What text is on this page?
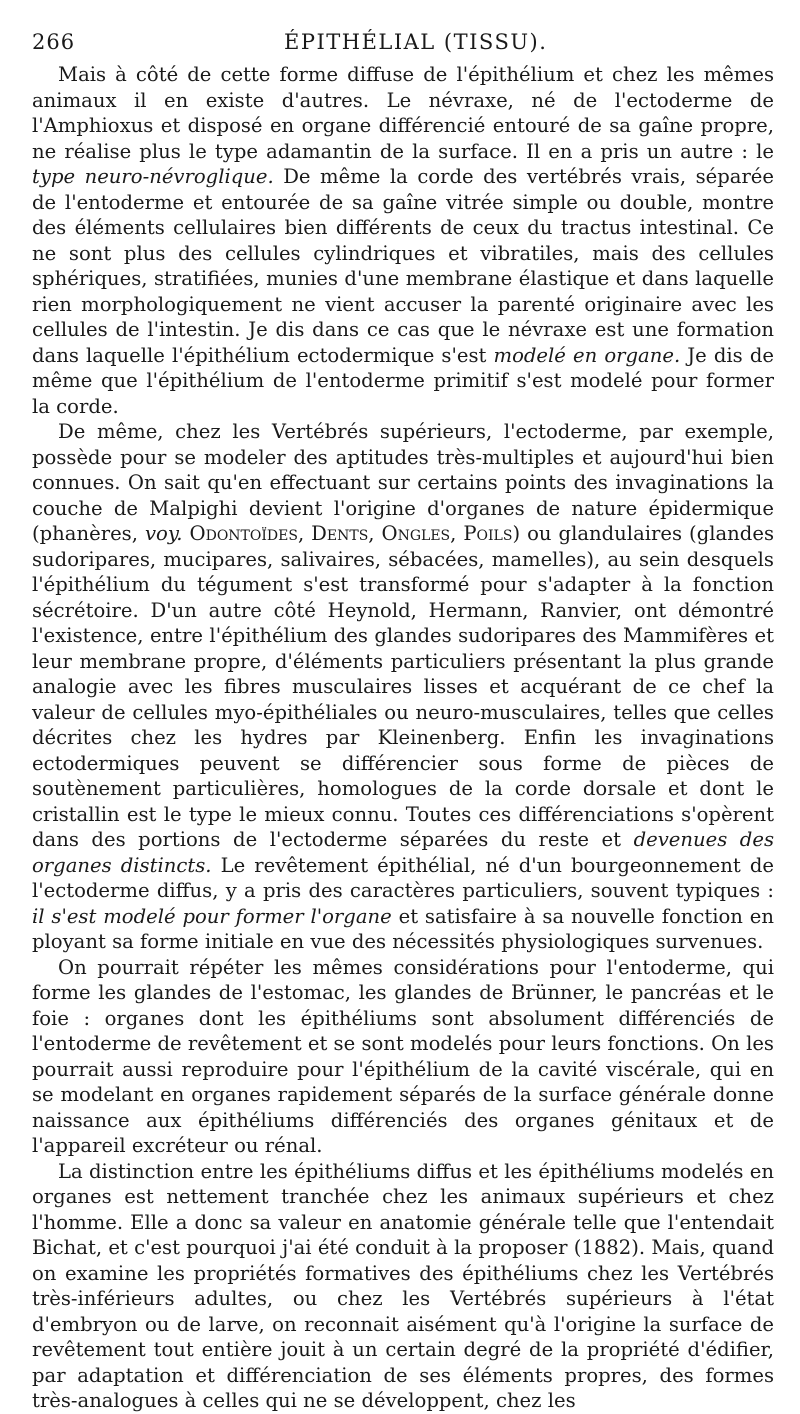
266	ÉPITHÉLIAL (TISSU).

Mais à côté de cette forme diffuse de l'épithélium et chez les mêmes animaux il en existe d'autres. Le névraxe, né de l'ectoderme de l'Amphioxus et disposé en organe différencié entouré de sa gaîne propre, ne réalise plus le type adamantin de la surface. Il en a pris un autre : le type neuro-névroglique. De même la corde des vertébrés vrais, séparée de l'entoderme et entourée de sa gaîne vitrée simple ou double, montre des éléments cellulaires bien différents de ceux du tractus intestinal. Ce ne sont plus des cellules cylindriques et vibratiles, mais des cellules sphériques, stratifiées, munies d'une membrane élastique et dans laquelle rien morphologiquement ne vient accuser la parenté originaire avec les cellules de l'intestin. Je dis dans ce cas que le névraxe est une formation dans laquelle l'épithélium ectodermique s'est modelé en organe. Je dis de même que l'épithélium de l'entoderme primitif s'est modelé pour former la corde.

De même, chez les Vertébrés supérieurs, l'ectoderme, par exemple, possède pour se modeler des aptitudes très-multiples et aujourd'hui bien connues. On sait qu'en effectuant sur certains points des invaginations la couche de Malpighi devient l'origine d'organes de nature épidermique (phanères, voy. Odontoïdes, Dents, Ongles, Poils) ou glandulaires (glandes sudoripares, mucipares, salivaires, sébacées, mamelles), au sein desquels l'épithélium du tégument s'est transformé pour s'adapter à la fonction sécrétoire. D'un autre côté Heynold, Hermann, Ranvier, ont démontré l'existence, entre l'épithélium des glandes sudoripares des Mammifères et leur membrane propre, d'éléments particuliers présentant la plus grande analogie avec les fibres musculaires lisses et acquérant de ce chef la valeur de cellules myo-épithéliales ou neuro-musculaires, telles que celles décrites chez les hydres par Kleinenberg. Enfin les invaginations ectodermiques peuvent se différencier sous forme de pièces de soutènement particulières, homologues de la corde dorsale et dont le cristallin est le type le mieux connu. Toutes ces différenciations s'opèrent dans des portions de l'ectoderme séparées du reste et devenues des organes distincts. Le revêtement épithélial, né d'un bourgeonnement de l'ectoderme diffus, y a pris des caractères particuliers, souvent typiques : il s'est modelé pour former l'organe et satisfaire à sa nouvelle fonction en ployant sa forme initiale en vue des nécessités physiologiques survenues.

On pourrait répéter les mêmes considérations pour l'entoderme, qui forme les glandes de l'estomac, les glandes de Brünner, le pancréas et le foie : organes dont les épithéliums sont absolument différenciés de l'entoderme de revêtement et se sont modelés pour leurs fonctions. On les pourrait aussi reproduire pour l'épithélium de la cavité viscérale, qui en se modelant en organes rapidement séparés de la surface générale donne naissance aux épithéliums différenciés des organes génitaux et de l'appareil excréteur ou rénal.

La distinction entre les épithéliums diffus et les épithéliums modelés en organes est nettement tranchée chez les animaux supérieurs et chez l'homme. Elle a donc sa valeur en anatomie générale telle que l'entendait Bichat, et c'est pourquoi j'ai été conduit à la proposer (1882). Mais, quand on examine les propriétés formatives des épithéliums chez les Vertébrés très-inférieurs adultes, ou chez les Vertébrés supérieurs à l'état d'embryon ou de larve, on reconnait aisément qu'à l'origine la surface de revêtement tout entière jouit à un certain degré de la propriété d'édifier, par adaptation et différenciation de ses éléments propres, des formes très-analogues à celles qui ne se développent, chez les
